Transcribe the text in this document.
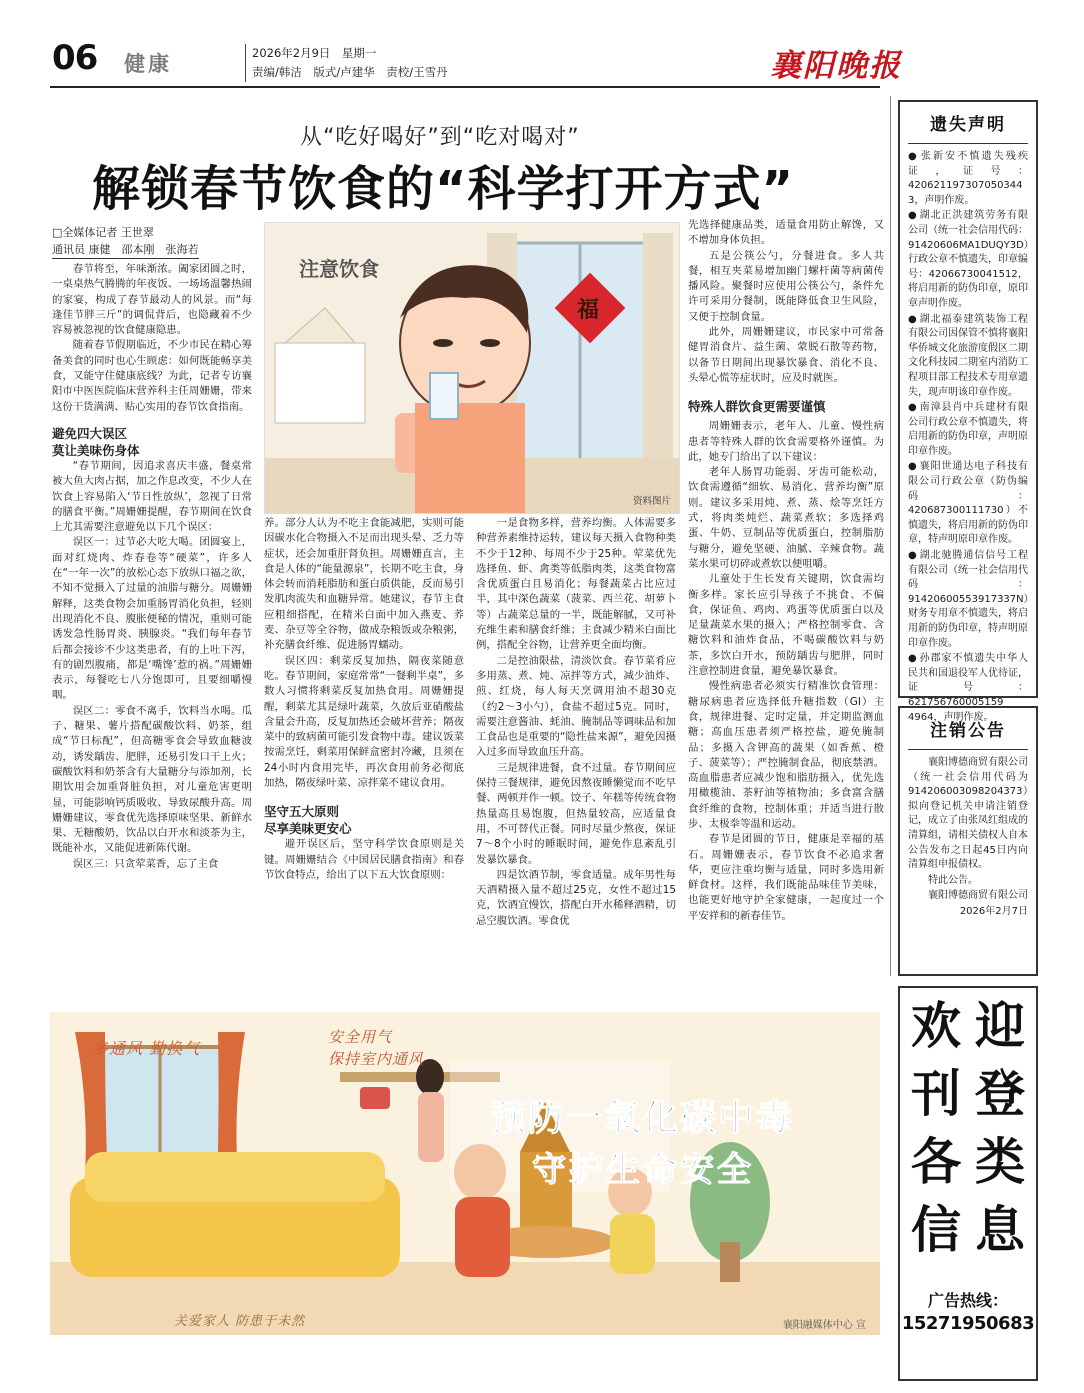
06 健康	2026年2月9日　星期一
责编/韩洁　版式/卢建华　责校/王雪丹	襄阳晚报
从“吃好喝好”到“吃对喝对”
解锁春节饮食的“科学打开方式”
□全媒体记者 王世翠
通讯员 康健　邵本刚　张海若
注意饮食
福
资料图片

春节将至，年味渐浓。阖家团圆之时，一桌桌热气腾腾的年夜饭、一场场温馨热闹的家宴，构成了春节最动人的风景。而“每逢佳节胖三斤”的调侃背后，也隐藏着不少容易被忽视的饮食健康隐患。

随着春节假期临近，不少市民在精心筹备美食的同时也心生顾虑：如何既能畅享美食，又能守住健康底线？为此，记者专访襄阳市中医医院临床营养科主任周姗姗，带来这份干货满满、贴心实用的春节饮食指南。

避免四大误区

莫让美味伤身体

“春节期间，因追求喜庆丰盛，餐桌常被大鱼大肉占据，加之作息改变，不少人在饮食上容易陷入‘节日性放纵’，忽视了日常的膳食平衡。”周姗姗提醒，春节期间在饮食上尤其需要注意避免以下几个误区：

误区一：过节必大吃大喝。团圆宴上，面对红烧肉、炸春卷等“硬菜”，许多人在“一年一次”的放松心态下放纵口福之欲，不知不觉摄入了过量的油脂与糖分。周姗姗解释，这类食物会加重肠胃消化负担，轻则出现消化不良、腹胀便秘的情况，重则可能诱发急性肠胃炎、胰腺炎。“我们每年春节后都会接诊不少这类患者，有的上吐下泻，有的剧烈腹痛，都是‘嘴馋’惹的祸。”周姗姗表示，每餐吃七八分饱即可，且要细嚼慢咽。

误区二：零食不离手，饮料当水喝。瓜子、糖果、薯片搭配碳酸饮料、奶茶，组成“节日标配”，但高糖零食会导致血糖波动，诱发龋齿、肥胖，还易引发口干上火；碳酸饮料和奶茶含有大量糖分与添加剂，长期饮用会加重肾脏负担，对儿童危害更明显，可能影响钙质吸收、导致尿酸升高。周姗姗建议，零食优先选择原味坚果、新鲜水果、无糖酸奶，饮品以白开水和淡茶为主，既能补水，又能促进新陈代谢。

误区三：只贪荤菜香，忘了主食

养。部分人认为不吃主食能减肥，实则可能因碳水化合物摄入不足而出现头晕、乏力等症状，还会加重肝肾负担。周姗姗直言，主食是人体的“能量源泉”，长期不吃主食，身体会转而消耗脂肪和蛋白质供能，反而易引发肌肉流失和血糖异常。她建议，春节主食应粗细搭配，在精米白面中加入燕麦、荞麦、杂豆等全谷物，做成杂粮饭或杂粮粥，补充膳食纤维、促进肠胃蠕动。

误区四：剩菜反复加热，隔夜菜随意吃。春节期间，家庭常常“一餐剩半桌”，多数人习惯将剩菜反复加热食用。周姗姗提醒，剩菜尤其是绿叶蔬菜，久放后亚硝酸盐含量会升高，反复加热还会破坏营养；隔夜菜中的致病菌可能引发食物中毒。建议饭菜按需烹饪，剩菜用保鲜盒密封冷藏，且须在24小时内食用完毕，再次食用前务必彻底加热，隔夜绿叶菜、凉拌菜不建议食用。

坚守五大原则

尽享美味更安心

避开误区后，坚守科学饮食原则是关键。周姗姗结合《中国居民膳食指南》和春节饮食特点，给出了以下五大饮食原则：

一是食物多样，营养均衡。人体需要多种营养素维持运转，建议每天摄入食物种类不少于12种、每周不少于25种。荤菜优先选择鱼、虾、禽类等低脂肉类，这类食物富含优质蛋白且易消化；每餐蔬菜占比应过半，其中深色蔬菜（菠菜、西兰花、胡萝卜等）占蔬菜总量的一半，既能解腻，又可补充维生素和膳食纤维；主食减少精米白面比例，搭配全谷物，让营养更全面均衡。

二是控油限盐，清淡饮食。春节菜肴应多用蒸、煮、炖、凉拌等方式，减少油炸、煎、红烧，每人每天烹调用油不超30克（约2～3小勺），食盐不超过5克。同时，需要注意酱油、蚝油、腌制品等调味品和加工食品也是重要的“隐性盐来源”，避免因摄入过多而导致血压升高。

三是规律进餐，食不过量。春节期间应保持三餐规律，避免因熬夜睡懒觉而不吃早餐、两顿并作一顿。饺子、年糕等传统食物热量高且易饱腹，但热量较高，应适量食用，不可替代正餐。同时尽量少熬夜，保证7～8个小时的睡眠时间，避免作息紊乱引发暴饮暴食。

四是饮酒节制，零食适量。成年男性每天酒精摄入量不超过25克，女性不超过15克，饮酒宜慢饮，搭配白开水稀释酒精，切忌空腹饮酒。零食优

先选择健康品类，适量食用防止解馋，又不增加身体负担。

五是公筷公勺，分餐进食。多人共餐，相互夹菜易增加幽门螺杆菌等病菌传播风险。聚餐时应使用公筷公勺，条件允许可采用分餐制，既能降低食卫生风险，又便于控制食量。

此外，周姗姗建议，市民家中可常备健胃消食片、益生菌、蒙脱石散等药物，以备节日期间出现暴饮暴食、消化不良、头晕心慌等症状时，应及时就医。

特殊人群饮食更需要谨慎

周姗姗表示，老年人、儿童、慢性病患者等特殊人群的饮食需要格外谨慎。为此，她专门给出了以下建议：

老年人肠胃功能弱、牙齿可能松动，饮食需遵循“细软、易消化、营养均衡”原则。建议多采用炖、煮、蒸、烩等烹饪方式，将肉类炖烂、蔬菜煮软；多选择鸡蛋、牛奶、豆制品等优质蛋白，控制脂肪与糖分，避免坚硬、油腻、辛辣食物。蔬菜水果可切碎或煮软以便咀嚼。

儿童处于生长发育关键期，饮食需均衡多样。家长应引导孩子不挑食、不偏食，保证鱼、鸡肉、鸡蛋等优质蛋白以及足量蔬菜水果的摄入；严格控制零食、含糖饮料和油炸食品，不喝碳酸饮料与奶茶，多饮白开水，预防龋齿与肥胖，同时注意控制进食量，避免暴饮暴食。

慢性病患者必须实行精准饮食管理：糖尿病患者应选择低升糖指数（GI）主食，规律进餐、定时定量，并定期监测血糖；高血压患者须严格控盐，避免腌制品；多摄入含钾高的蔬果（如香蕉、橙子、菠菜等）；严控腌制食品，彻底禁酒。高血脂患者应减少饱和脂肪摄入，优先选用橄榄油、茶籽油等植物油；多食富含膳食纤维的食物，控制体重；并适当进行散步、太极拳等温和运动。

春节是团圆的节日，健康是幸福的基石。周姗姗表示，春节饮食不必追求奢华，更应注重均衡与适量，同时多选用新鲜食材。这样，我们既能品味佳节美味，也能更好地守护全家健康，一起度过一个平安祥和的新春佳节。

遗失声明

● 张新安不慎遗失残疾证，证号：420621197307050344​3，声明作废。

● 湖北正洪建筑劳务有限公司（统一社会信用代码：91420606MA1DUQY3D）行政公章不慎遗失，印章编号：4206673004151​2，将启用新的防伪印章，原印章声明作废。

● 湖北福泰建筑装饰工程有限公司因保管不慎将襄阳华侨城文化旅游度假区二期文化科技园二期室内消防工程项目部工程技术专用章遗失，现声明该印章作废。

● 南漳县肖中兵建材有限公司行政公章不慎遗失，将启用新的防伪印章，声明原印章作废。

● 襄阳世通达电子科技有限公司行政公章（防伪编码：420687300111730）不慎遗失，将启用新的防伪印章，特声明原印章作废。

● 湖北驰腾通信信号工程有限公司（统一社会信用代码：91420600553917337N）财务专用章不慎遗失，将启用新的防伪印章，特声明原印章作废。

● 孙郡家不慎遗失中华人民共和国退役军人优待证，证号：621756760005159​4964，声明作废。

注销公告

襄阳博德商贸有限公司（统一社会信用代码为91420600309820​4373）拟向登记机关申请注销登记，成立了由张凤红组成的清算组，请相关债权人自本公告发布之日起45日内向清算组申报债权。

特此公告。

襄阳博德商贸有限公司

2026年2月7日

欢 迎
刊 登
各 类
信 息
广告热线：
15271950683
多通风 勤换气
安全用气
保持室内通风
预防一氧化碳中毒
守护生命安全
关爱家人 防患于未然	襄阳融媒体中心 宣
